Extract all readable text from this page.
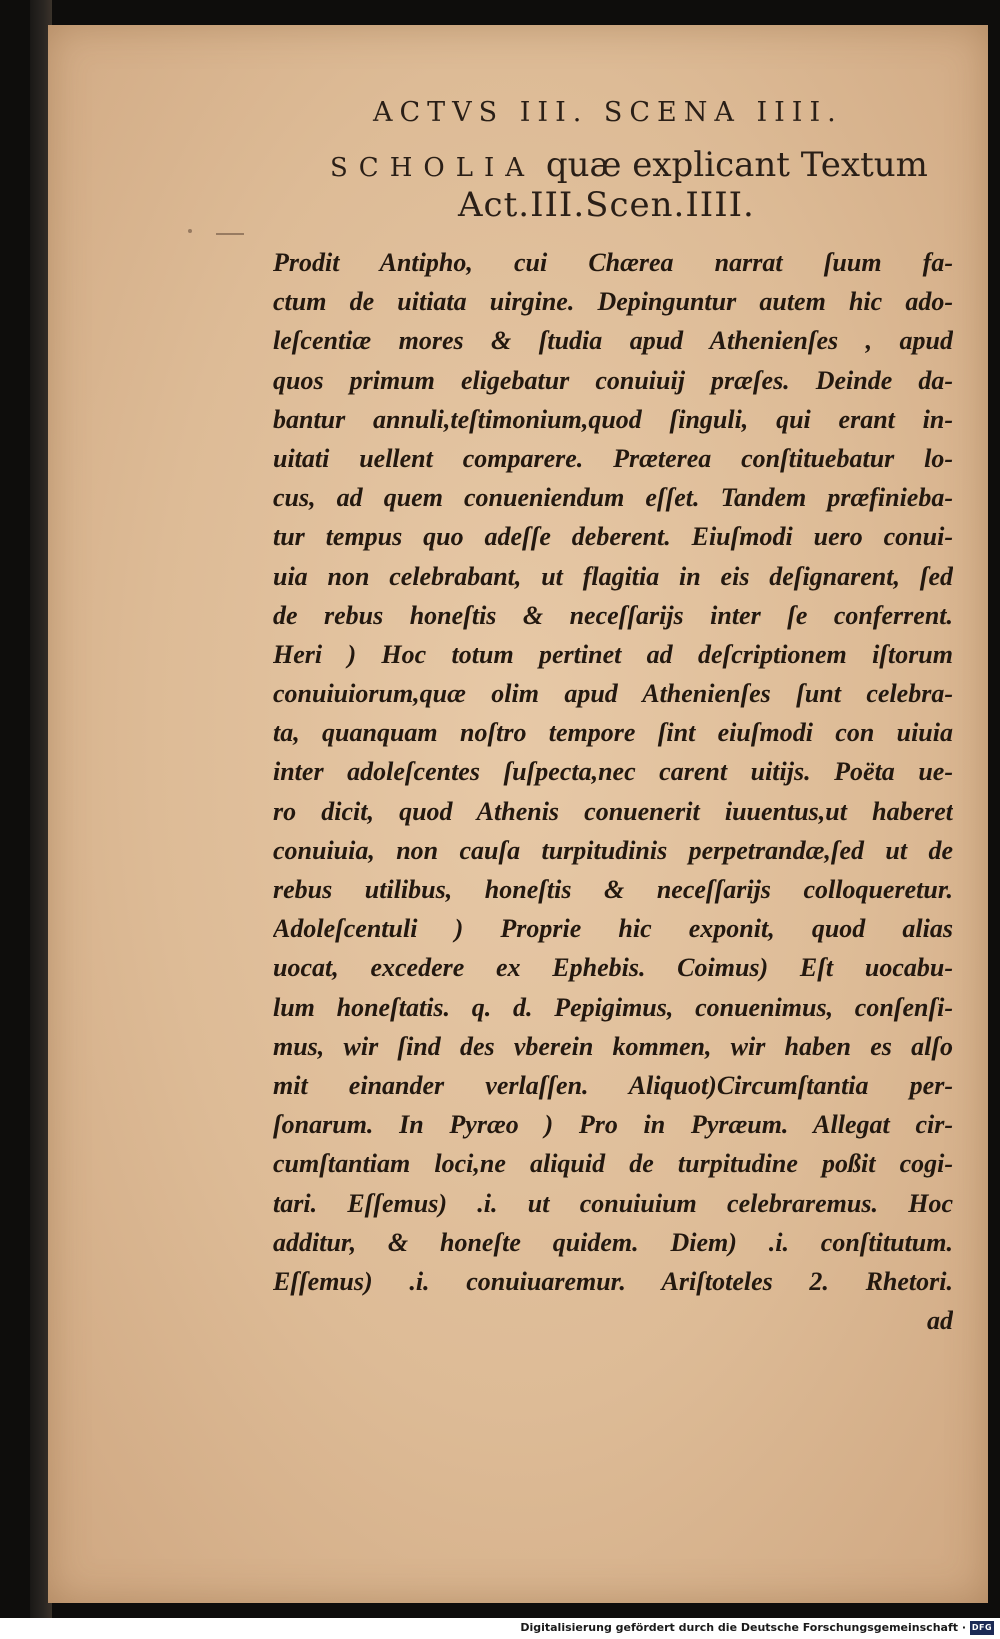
ACTVS III. SCENA IIII.
SCHOLIA quæ explicant Textum
Act.III.Scen.IIII.
Prodit Antipho, cui Chærea narrat ſuum fa-
ctum de uitiata uirgine. Depinguntur autem hic ado-
leſcentiæ mores & ſtudia apud Athenienſes , apud
quos primum eligebatur conuiuij præſes. Deinde da-
bantur annuli,teſtimonium,quod ſinguli, qui erant in-
uitati uellent comparere. Præterea conſtituebatur lo-
cus, ad quem conueniendum eſſet. Tandem præfinieba-
tur tempus quo adeſſe deberent. Eiuſmodi uero conui-
uia non celebrabant, ut flagitia in eis deſignarent, ſed
de rebus honeſtis & neceſſarijs inter ſe conferrent.
Heri ) Hoc totum pertinet ad deſcriptionem iſtorum
conuiuiorum,quæ olim apud Athenienſes ſunt celebra-
ta, quanquam noſtro tempore ſint eiuſmodi con uiuia
inter adoleſcentes ſuſpecta,nec carent uitijs. Poëta ue-
ro dicit, quod Athenis conuenerit iuuentus,ut haberet
conuiuia, non cauſa turpitudinis perpetrandæ,ſed ut de
rebus utilibus, honeſtis & neceſſarijs colloqueretur.
Adoleſcentuli ) Proprie hic exponit, quod alias
uocat, excedere ex Ephebis. Coimus) Eſt uocabu-
lum honeſtatis. q. d. Pepigimus, conuenimus, conſenſi-
mus, wir ſind des vberein kommen, wir haben es alſo
mit einander verlaſſen. Aliquot)Circumſtantia per-
ſonarum. In Pyræo ) Pro in Pyræum. Allegat cir-
cumſtantiam loci,ne aliquid de turpitudine poßit cogi-
tari. Eſſemus) .i. ut conuiuium celebraremus. Hoc
additur, & honeſte quidem. Diem) .i. conſtitutum.
Eſſemus) .i. conuiuaremur. Ariſtoteles 2. Rhetori.
ad
Digitalisierung gefördert durch die Deutsche Forschungsgemeinschaft · DFG
